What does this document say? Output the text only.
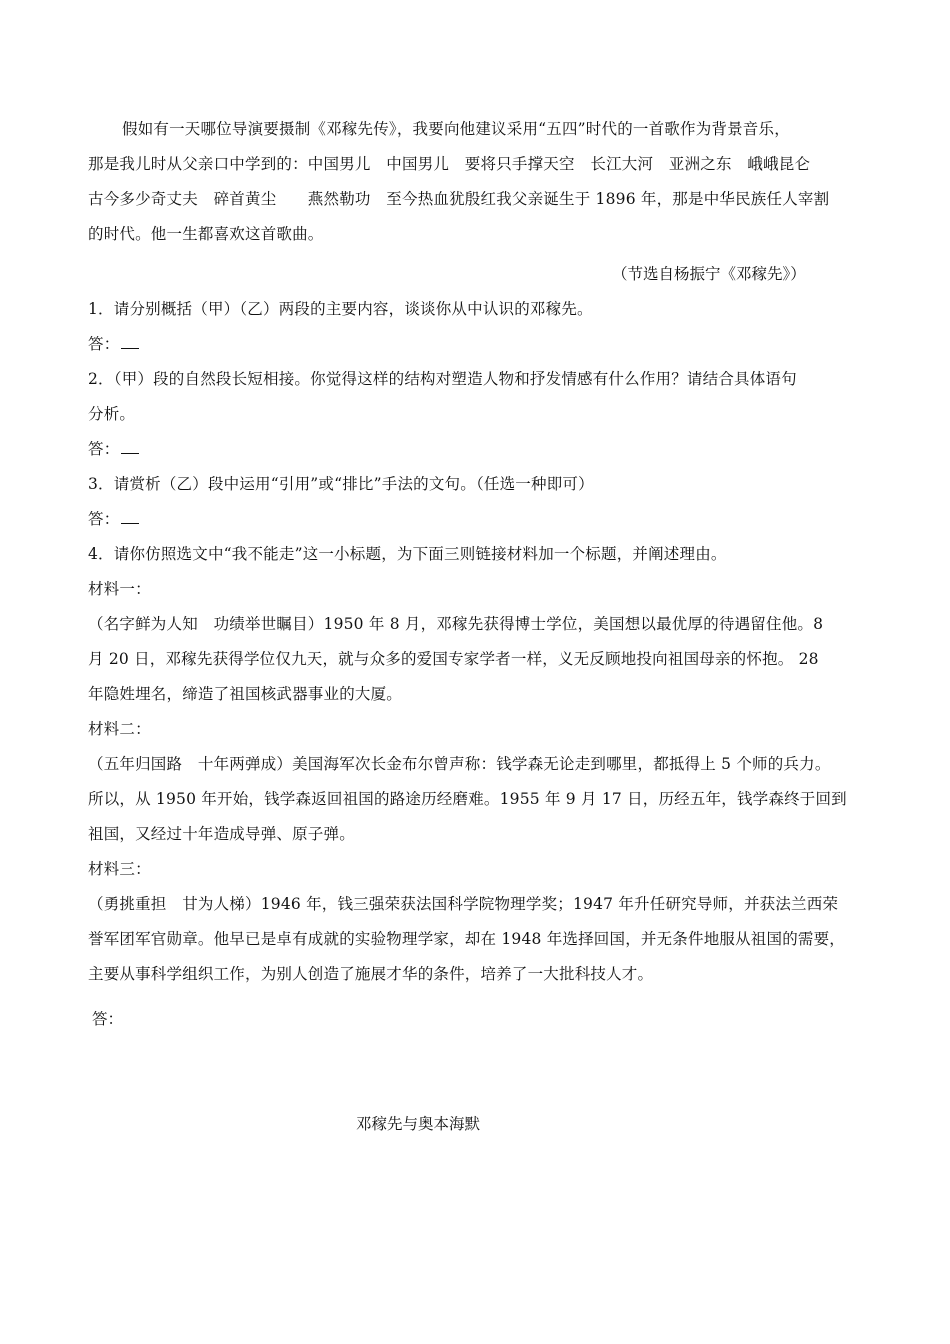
假如有一天哪位导演要摄制《邓稼先传》，我要向他建议采用“五四”时代的一首歌作为背景音乐，
那是我儿时从父亲口中学到的：中国男儿　中国男儿　要将只手撑天空　长江大河　亚洲之东　峨峨昆仑
古今多少奇丈夫　碎首黄尘　　燕然勒功　至今热血犹殷红我父亲诞生于 1896 年，那是中华民族任人宰割
的时代。他一生都喜欢这首歌曲。
（节选自杨振宁《邓稼先》）
1．请分别概括（甲）（乙）两段的主要内容，谈谈你从中认识的邓稼先。
答：
2．（甲）段的自然段长短相接。你觉得这样的结构对塑造人物和抒发情感有什么作用？请结合具体语句
分析。
答：
3．请赏析（乙）段中运用“引用”或“排比”手法的文句。（任选一种即可）
答：
4．请你仿照选文中“我不能走”这一小标题，为下面三则链接材料加一个标题，并阐述理由。
材料一：
（名字鲜为人知　功绩举世瞩目）1950 年 8 月，邓稼先获得博士学位，美国想以最优厚的待遇留住他。8
月 20 日，邓稼先获得学位仅九天，就与众多的爱国专家学者一样，义无反顾地投向祖国母亲的怀抱。 28
年隐姓埋名，缔造了祖国核武器事业的大厦。
材料二：
（五年归国路　十年两弹成）美国海军次长金布尔曾声称：钱学森无论走到哪里，都抵得上 5 个师的兵力。
所以，从 1950 年开始，钱学森返回祖国的路途历经磨难。1955 年 9 月 17 日，历经五年，钱学森终于回到
祖国，又经过十年造成导弹、原子弹。
材料三：
（勇挑重担　甘为人梯）1946 年，钱三强荣获法国科学院物理学奖；1947 年升任研究导师，并获法兰西荣
誉军团军官勋章。他早已是卓有成就的实验物理学家，却在 1948 年选择回国，并无条件地服从祖国的需要，
主要从事科学组织工作，为别人创造了施展才华的条件，培养了一大批科技人才。
答：
邓稼先与奥本海默
